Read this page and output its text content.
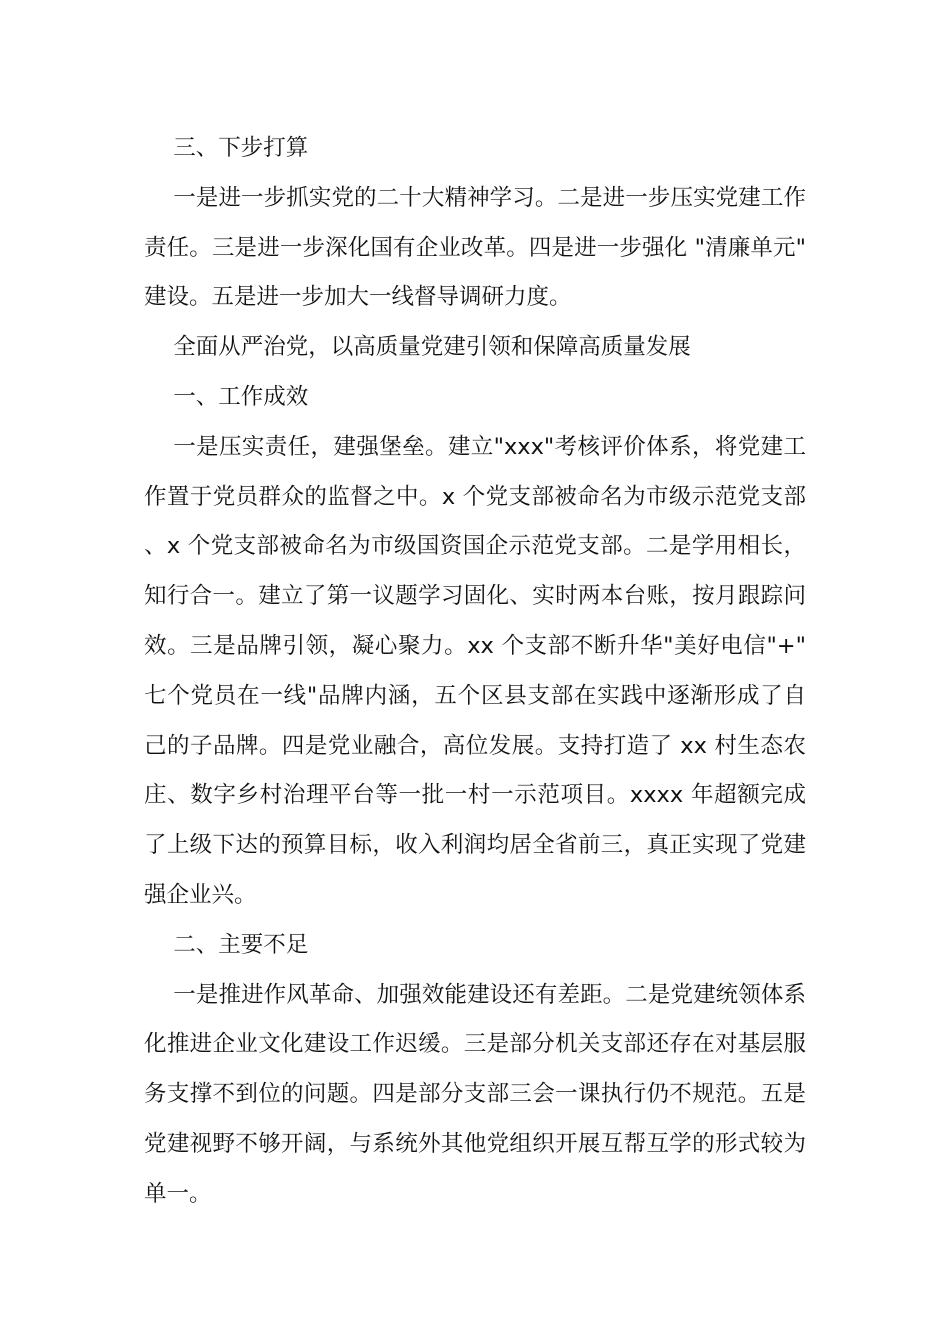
三、下步打算

一是进一步抓实党的二十大精神学习。二是进一步压实党建工作责任。三是进一步深化国有企业改革。四是进一步强化 "清廉单元"建设。五是进一步加大一线督导调研力度。

全面从严治党，以高质量党建引领和保障高质量发展

一、工作成效

一是压实责任，建强堡垒。建立"xxx"考核评价体系，将党建工作置于党员群众的监督之中。x 个党支部被命名为市级示范党支部、x 个党支部被命名为市级国资国企示范党支部。二是学用相长，知行合一。建立了第一议题学习固化、实时两本台账，按月跟踪问效。三是品牌引领，凝心聚力。xx 个支部不断升华"美好电信"+"七个党员在一线"品牌内涵，五个区县支部在实践中逐渐形成了自己的子品牌。四是党业融合，高位发展。支持打造了 xx 村生态农庄、数字乡村治理平台等一批一村一示范项目。xxxx 年超额完成了上级下达的预算目标，收入利润均居全省前三，真正实现了党建强企业兴。

二、主要不足

一是推进作风革命、加强效能建设还有差距。二是党建统领体系化推进企业文化建设工作迟缓。三是部分机关支部还存在对基层服务支撑不到位的问题。四是部分支部三会一课执行仍不规范。五是党建视野不够开阔，与系统外其他党组织开展互帮互学的形式较为单一。
